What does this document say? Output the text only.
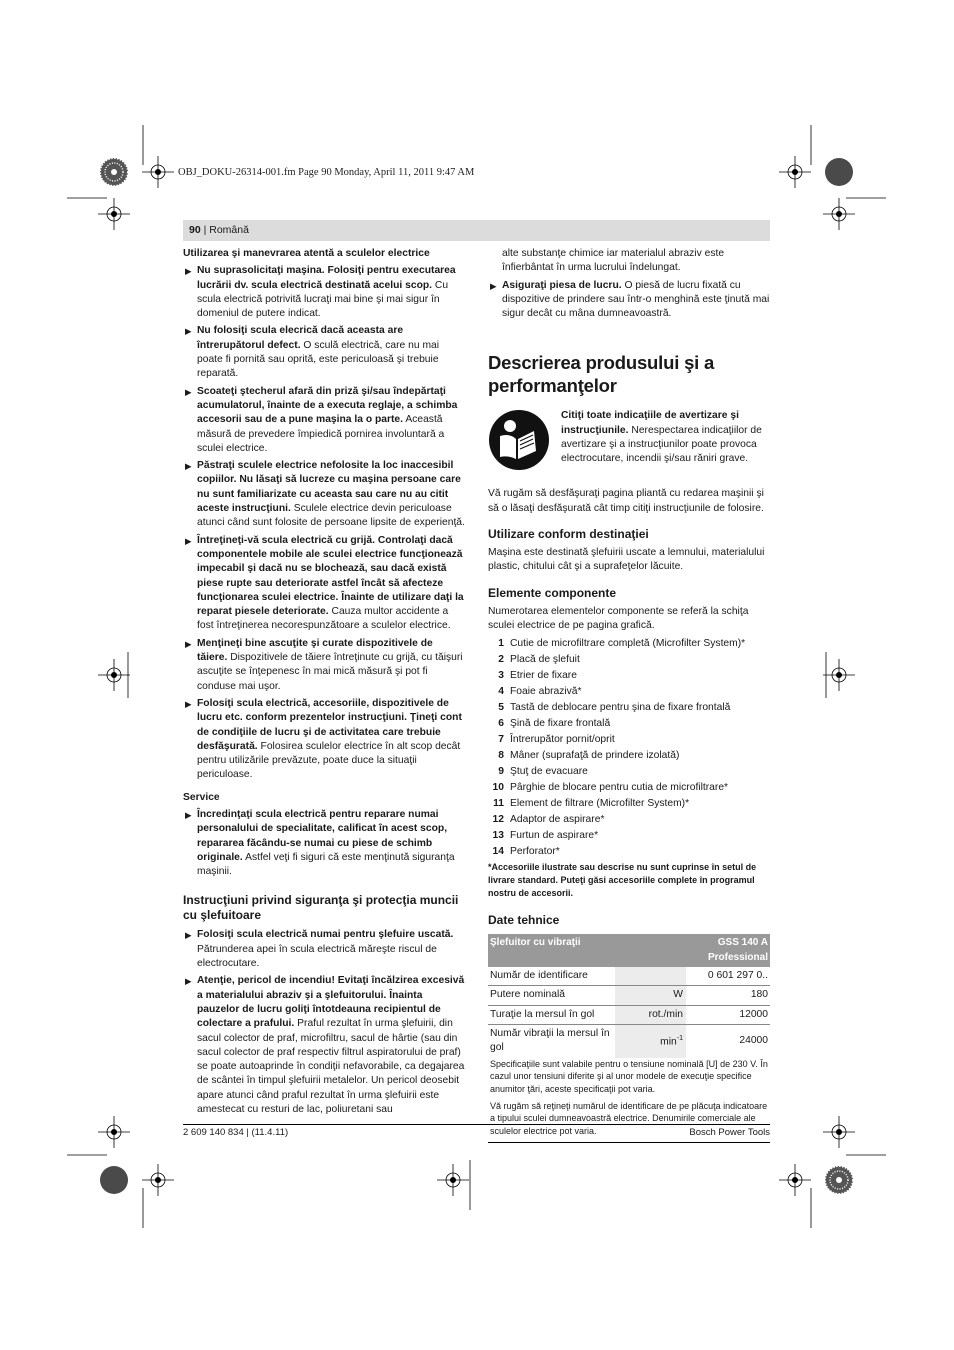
OBJ_DOKU-26314-001.fm Page 90 Monday, April 11, 2011 9:47 AM
90 | Română

Utilizarea şi manevrarea atentă a sculelor electrice

▶ Nu suprasolicitaţi maşina. Folosiţi pentru executarea lucrării dv. scula electrică destinată acelui scop. Cu scula electrică potrivită lucraţi mai bine şi mai sigur în domeniul de putere indicat.

▶ Nu folosiţi scula elecrică dacă aceasta are întrerupătorul defect. O sculă electrică, care nu mai poate fi pornită sau oprită, este periculoasă şi trebuie reparată.

▶ Scoateţi ştecherul afară din priză şi/sau îndepărtaţi acumulatorul, înainte de a executa reglaje, a schimba accesorii sau de a pune maşina la o parte. Această măsură de prevedere împiedică pornirea involuntară a sculei electrice.

▶ Păstraţi sculele electrice nefolosite la loc inaccesibil copiilor. Nu lăsaţi să lucreze cu maşina persoane care nu sunt familiarizate cu aceasta sau care nu au citit aceste instrucţiuni. Sculele electrice devin periculoase atunci când sunt folosite de persoane lipsite de experienţă.

▶ Întreţineţi-vă scula electrică cu grijă. Controlaţi dacă componentele mobile ale sculei electrice funcţionează impecabil şi dacă nu se blochează, sau dacă există piese rupte sau deteriorate astfel încât să afecteze funcţionarea sculei electrice. Înainte de utilizare daţi la reparat piesele deteriorate. Cauza multor accidente a fost întreţinerea necorespunzătoare a sculelor electrice.

▶ Menţineţi bine ascuţite şi curate dispozitivele de tăiere. Dispozitivele de tăiere întreţinute cu grijă, cu tăişuri ascuţite se înţepenesc în mai mică măsură şi pot fi conduse mai uşor.

▶ Folosiţi scula electrică, accesoriile, dispozitivele de lucru etc. conform prezentelor instrucţiuni. Ţineţi cont de condiţiile de lucru şi de activitatea care trebuie desfăşurată. Folosirea sculelor electrice în alt scop decât pentru utilizările prevăzute, poate duce la situaţii periculoase.

Service

▶ Încredinţaţi scula electrică pentru reparare numai personalului de specialitate, calificat în acest scop, repararea făcându-se numai cu piese de schimb originale. Astfel veţi fi siguri că este menţinută siguranţa maşinii.

Instrucţiuni privind siguranţa şi protecţia muncii cu şlefuitoare

▶ Folosiţi scula electrică numai pentru şlefuire uscată. Pătrunderea apei în scula electrică măreşte riscul de electrocutare.

▶ Atenţie, pericol de incendiu! Evitaţi încălzirea excesivă a materialului abraziv şi a şlefuitorului. Înainta pauzelor de lucru goliţi întotdeauna recipientul de colectare a prafului. Praful rezultat în urma şlefuirii, din sacul colector de praf, microfiltru, sacul de hârtie (sau din sacul colector de praf respectiv filtrul aspiratorului de praf) se poate autoaprinde în condiţii nefavorabile, ca degajarea de scântei în timpul şlefuirii metalelor. Un pericol deosebit apare atunci când praful rezultat în urma şlefuirii este amestecat cu resturi de lac, poliuretani sau

alte substanţe chimice iar materialul abraziv este înfierbântat în urma lucrului îndelungat.

▶ Asiguraţi piesa de lucru. O piesă de lucru fixată cu dispozitive de prindere sau într-o menghină este ţinută mai sigur decât cu mâna dumneavoastră.

Descrierea produsului şi a performanţelor

Citiţi toate indicaţiile de avertizare şi instrucţiunile. Nerespectarea indicaţiilor de avertizare şi a instrucţiunilor poate provoca electrocutare, incendii şi/sau răniri grave.

Vă rugăm să desfăşuraţi pagina pliantă cu redarea maşinii şi să o lăsaţi desfăşurată cât timp citiţi instrucţiunile de folosire.

Utilizare conform destinaţiei

Maşina este destinată şlefuirii uscate a lemnului, materialului plastic, chitului cât şi a suprafeţelor lăcuite.

Elemente componente

Numerotarea elementelor componente se referă la schiţa sculei electrice de pe pagina grafică.

1 Cutie de microfiltrare completă (Microfilter System)*
2 Placă de şlefuit
3 Etrier de fixare
4 Foaie abrazivă*
5 Tastă de deblocare pentru şina de fixare frontală
6 Şină de fixare frontală
7 Întrerupător pornit/oprit
8 Mâner (suprafaţă de prindere izolată)
9 Ştuţ de evacuare
10 Pârghie de blocare pentru cutia de microfiltrare*
11 Element de filtrare (Microfilter System)*
12 Adaptor de aspirare*
13 Furtun de aspirare*
14 Perforator*

*Accesoriile ilustrate sau descrise nu sunt cuprinse în setul de livrare standard. Puteţi găsi accesoriile complete în programul nostru de accesorii.

Date tehnice

Şlefuitor cu vibraţii		GSS 140 A
Professional
Număr de identificare		0 601 297 0..
Putere nominală	W	180
Turaţie la mersul în gol	rot./min	12000
Număr vibraţii la mersul în gol	$\min^{-1}$	24000

Specificaţiile sunt valabile pentru o tensiune nominală [U] de 230 V. În cazul unor tensiuni diferite şi al unor modele de execuţie specifice anumitor ţări, aceste specificaţii pot varia.

Vă rugăm să reţineţi numărul de identificare de pe plăcuţa indicatoare a tipului sculei dumneavoastră electrice. Denumirile comerciale ale sculelor electrice pot varia.		

2 609 140 834 | (11.4.11)	Bosch Power Tools
